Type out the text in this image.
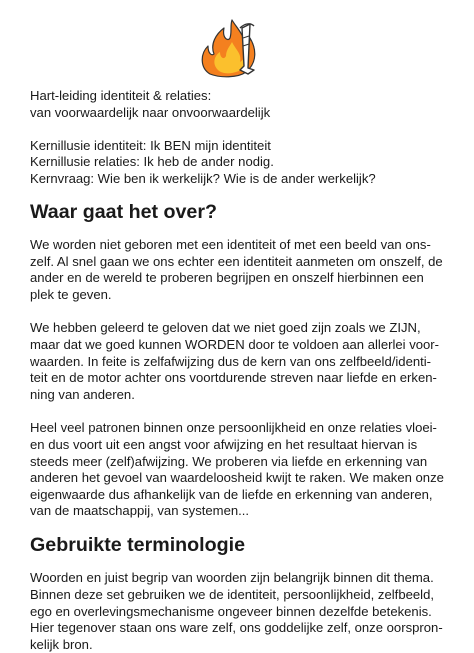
Hart-leiding identiteit & relaties:
van voorwaardelijk naar onvoorwaardelijk

Kernillusie identiteit: Ik BEN mijn identiteit
Kernillusie relaties: Ik heb de ander nodig.
Kernvraag: Wie ben ik werkelijk? Wie is de ander werkelijk?

Waar gaat het over?

We worden niet geboren met een identiteit of met een beeld van ons-
zelf. Al snel gaan we ons echter een identiteit aanmeten om onszelf, de
ander en de wereld te proberen begrijpen en onszelf hierbinnen een
plek te geven.

We hebben geleerd te geloven dat we niet goed zijn zoals we ZIJN,
maar dat we goed kunnen WORDEN door te voldoen aan allerlei voor-
waarden. In feite is zelfafwijzing dus de kern van ons zelfbeeld/identi-
teit en de motor achter ons voortdurende streven naar liefde en erken-
ning van anderen.

Heel veel patronen binnen onze persoonlijkheid en onze relaties vloei-
en dus voort uit een angst voor afwijzing en het resultaat hiervan is
steeds meer (zelf)afwijzing. We proberen via liefde en erkenning van
anderen het gevoel van waardeloosheid kwijt te raken. We maken onze
eigenwaarde dus afhankelijk van de liefde en erkenning van anderen,
van de maatschappij, van systemen...

Gebruikte terminologie

Woorden en juist begrip van woorden zijn belangrijk binnen dit thema.
Binnen deze set gebruiken we de identiteit, persoonlijkheid, zelfbeeld,
ego en overlevingsmechanisme ongeveer binnen dezelfde betekenis.
Hier tegenover staan ons ware zelf, ons goddelijke zelf, onze oorspron-
kelijk bron.
